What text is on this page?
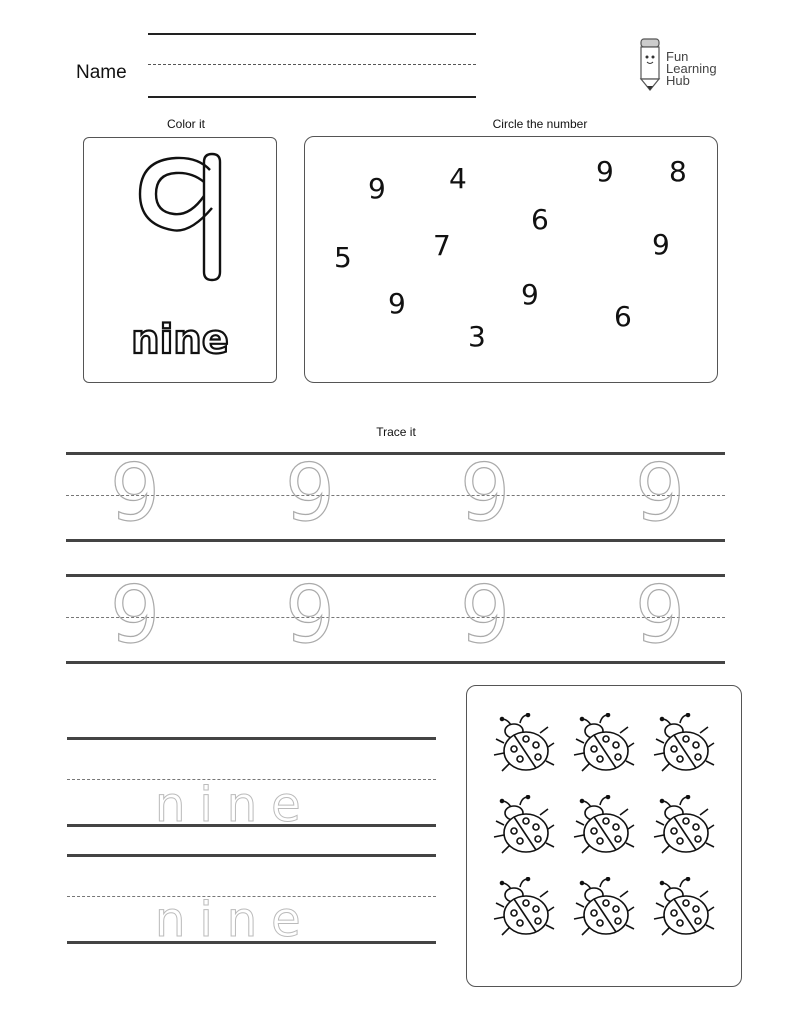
Name
Fun
Learning
Hub
Color it
nine
Circle the number
9 4	9 8
6
9
5	7
9	9
6
3
Trace it
9 9 9 9
9 9 9 9
nine
nine
